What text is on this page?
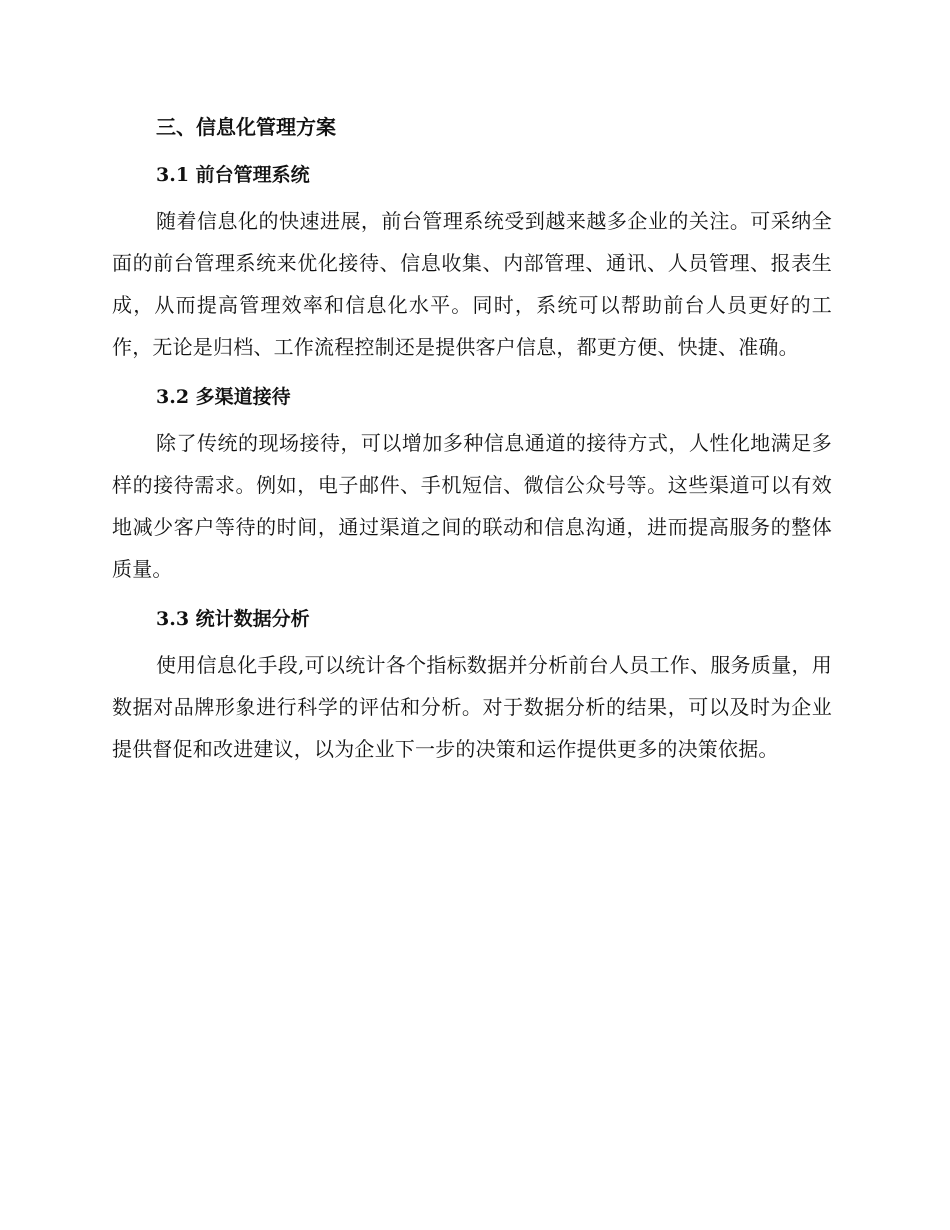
三、信息化管理方案
3.1 前台管理系统

随着信息化的快速进展，前台管理系统受到越来越多企业的关注。可采纳全面的前台管理系统来优化接待、信息收集、内部管理、通讯、人员管理、报表生成，从而提高管理效率和信息化水平。同时，系统可以帮助前台人员更好的工作，无论是归档、工作流程控制还是提供客户信息，都更方便、快捷、准确。

3.2 多渠道接待

除了传统的现场接待，可以增加多种信息通道的接待方式，人性化地满足多样的接待需求。例如，电子邮件、手机短信、微信公众号等。这些渠道可以有效地减少客户等待的时间，通过渠道之间的联动和信息沟通，进而提高服务的整体质量。

3.3 统计数据分析

使用信息化手段,可以统计各个指标数据并分析前台人员工作、服务质量，用数据对品牌形象进行科学的评估和分析。对于数据分析的结果，可以及时为企业提供督促和改进建议，以为企业下一步的决策和运作提供更多的决策依据。
